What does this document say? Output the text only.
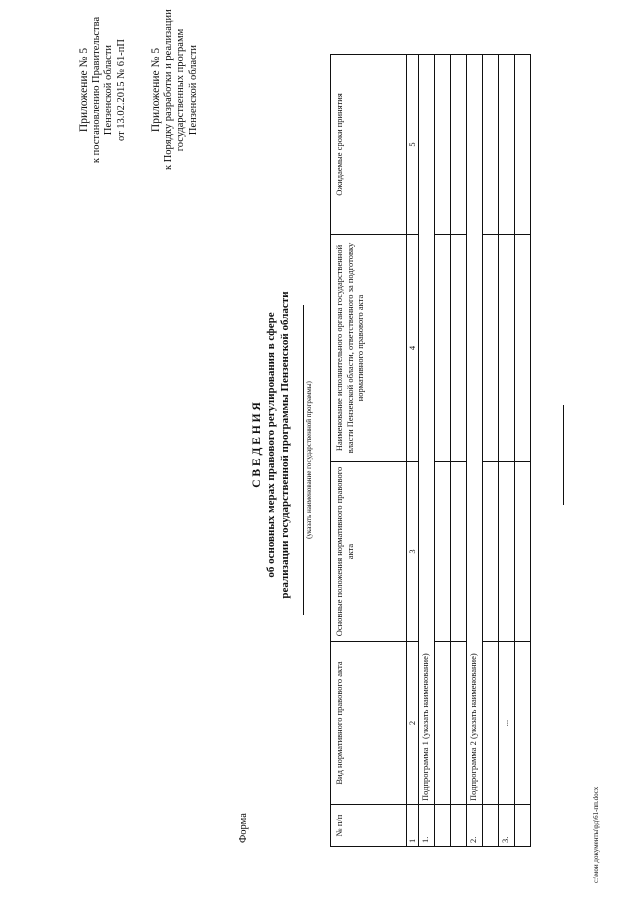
Приложение № 5 к постановлению Правительства Пензенской области от 13.02.2015 № 61-пП Приложение № 5 к Порядку разработки и реализации государственных программ Пензенской области
Форма
С В Е Д Е Н И Я об основных мерах правового регулирования в сфере реализации государственной программы Пензенской области (указать наименование государственной программы)
№ п/п	Вид нормативного правового акта	Основные положения нормативного правового акта	Наименование исполнительного органа государственной власти Пензенской области, ответственного за подготовку нормативного правового акта	Ожидаемые сроки принятия
1	2	3	4	5
1.	Подпрограмма 1 (указать наименование)			

2.	Подпрограмма 2 (указать наименование)			

3.	...			

c:\мои документы\рд\61-пп.docx
